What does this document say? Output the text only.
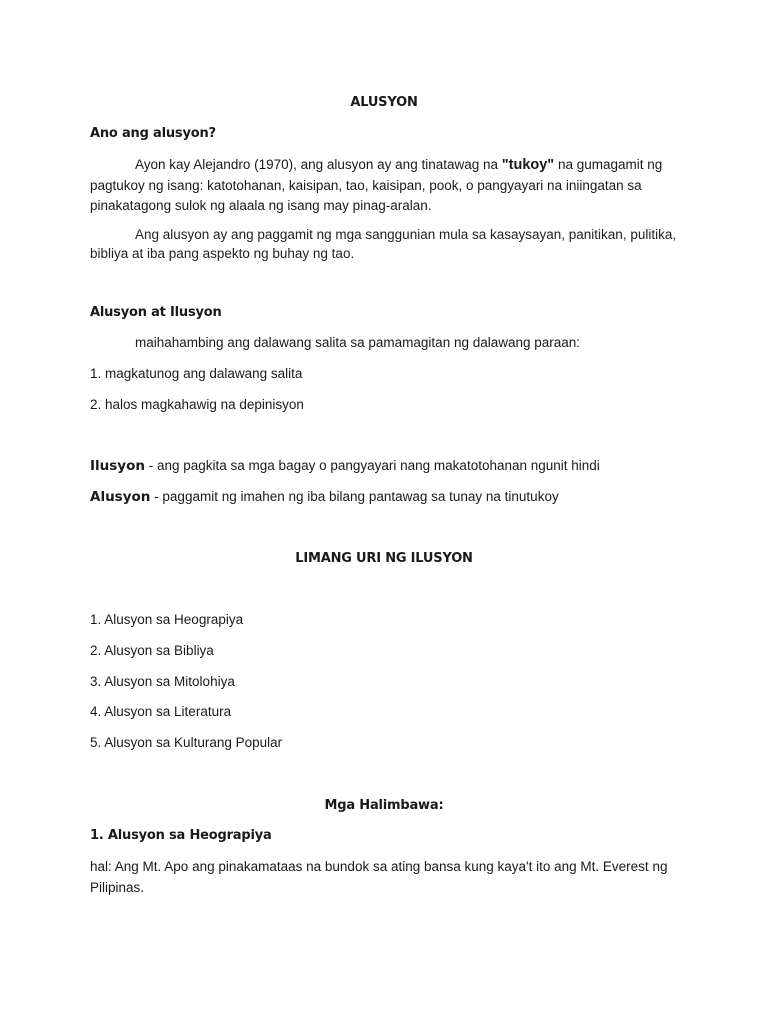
ALUSYON

Ano ang alusyon?

Ayon kay Alejandro (1970), ang alusyon ay ang tinatawag na "tukoy" na gumagamit ng pagtukoy ng isang: katotohanan, kaisipan, tao, kaisipan, pook, o pangyayari na iniingatan sa pinakatagong sulok ng alaala ng isang may pinag-aralan.

Ang alusyon ay ang paggamit ng mga sanggunian mula sa kasaysayan, panitikan, pulitika, bibliya at iba pang aspekto ng buhay ng tao.

Alusyon at Ilusyon

maihahambing ang dalawang salita sa pamamagitan ng dalawang paraan:

1. magkatunog ang dalawang salita

2. halos magkahawig na depinisyon

Ilusyon - ang pagkita sa mga bagay o pangyayari nang makatotohanan ngunit hindi

Alusyon - paggamit ng imahen ng iba bilang pantawag sa tunay na tinutukoy

LIMANG URI NG ILUSYON

1. Alusyon sa Heograpiya

2. Alusyon sa Bibliya

3. Alusyon sa Mitolohiya

4. Alusyon sa Literatura

5. Alusyon sa Kulturang Popular

Mga Halimbawa:

1. Alusyon sa Heograpiya

hal: Ang Mt. Apo ang pinakamataas na bundok sa ating bansa kung kaya't ito ang Mt. Everest ng Pilipinas.
